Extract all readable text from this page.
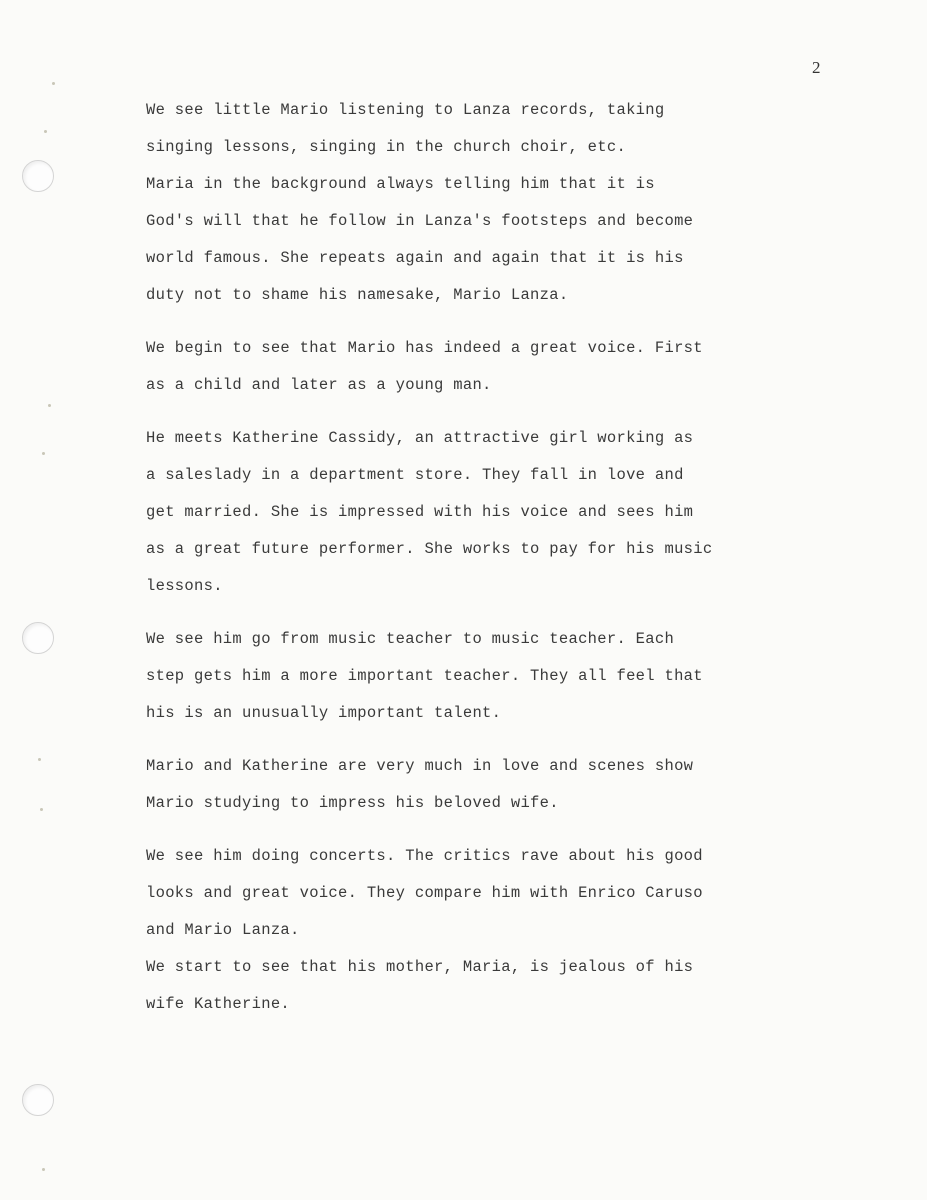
2
We see little Mario listening to Lanza records, taking
singing lessons, singing in the church choir, etc.
Maria in the background always telling him that it is
God's will that he follow in Lanza's footsteps and become
world famous. She repeats again and again that it is his
duty not to shame his namesake, Mario Lanza.
We begin to see that Mario has indeed a great voice. First
as a child and later as a young man.
He meets Katherine Cassidy, an attractive girl working as
a saleslady in a department store. They fall in love and
get married. She is impressed with his voice and sees him
as a great future performer. She works to pay for his music
lessons.
We see him go from music teacher to music teacher. Each
step gets him a more important teacher. They all feel that
his is an unusually important talent.
Mario and Katherine are very much in love and scenes show
Mario studying to impress his beloved wife.
We see him doing concerts. The critics rave about his good
looks and great voice. They compare him with Enrico Caruso
and Mario Lanza.
We start to see that his mother, Maria, is jealous of his
wife Katherine.
